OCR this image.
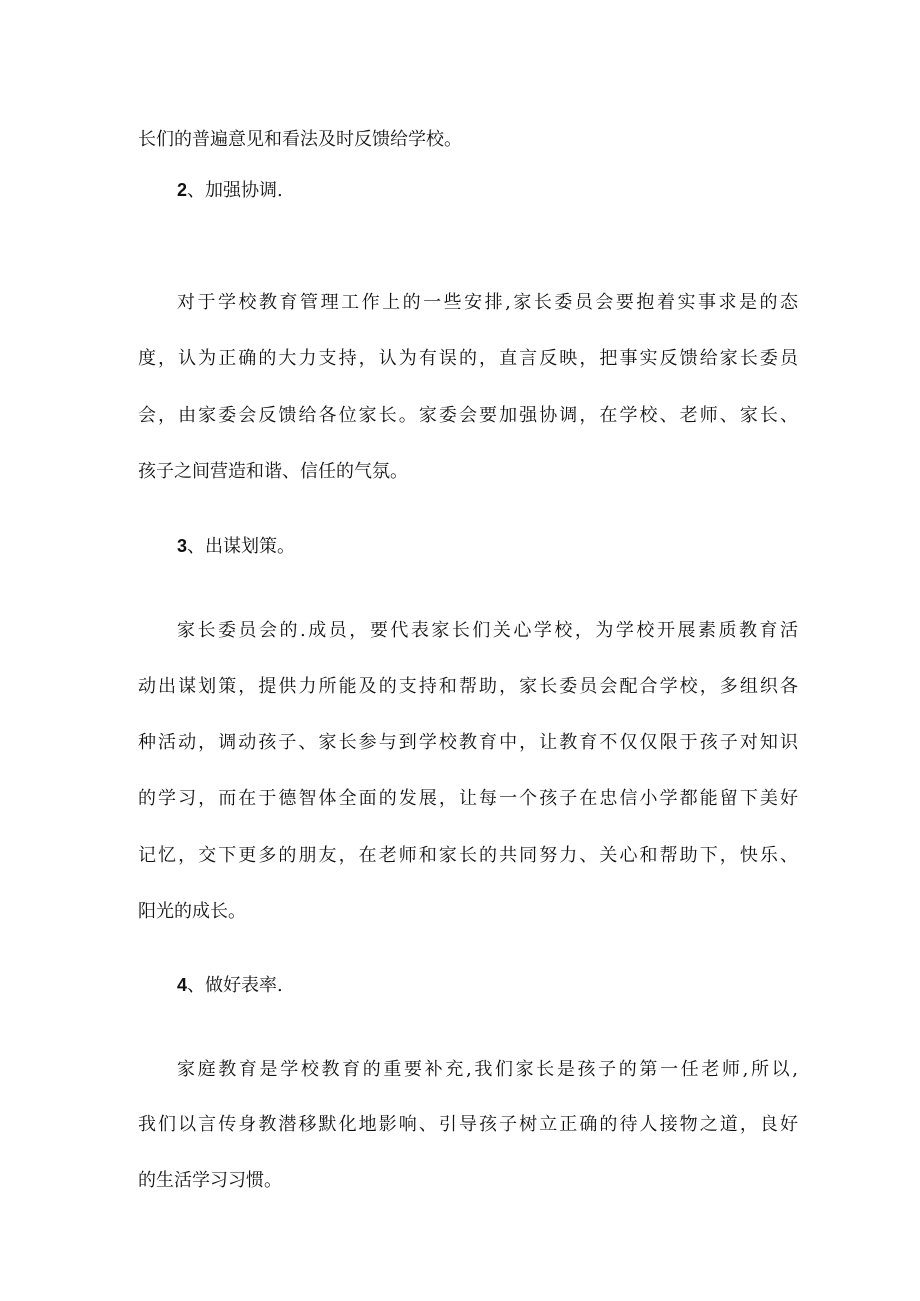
长们的普遍意见和看法及时反馈给学校。

2、加强协调.

对于学校教育管理工作上的一些安排,家长委员会要抱着实事求是的态

度，认为正确的大力支持，认为有误的，直言反映，把事实反馈给家长委员

会，由家委会反馈给各位家长。家委会要加强协调，在学校、老师、家长、

孩子之间营造和谐、信任的气氛。

3、出谋划策。

家长委员会的.成员，要代表家长们关心学校，为学校开展素质教育活

动出谋划策，提供力所能及的支持和帮助，家长委员会配合学校，多组织各

种活动，调动孩子、家长参与到学校教育中，让教育不仅仅限于孩子对知识

的学习，而在于德智体全面的发展，让每一个孩子在忠信小学都能留下美好

记忆，交下更多的朋友，在老师和家长的共同努力、关心和帮助下，快乐、

阳光的成长。

4、做好表率.

家庭教育是学校教育的重要补充,我们家长是孩子的第一任老师,所以,

我们以言传身教潜移默化地影响、引导孩子树立正确的待人接物之道，良好

的生活学习习惯。
